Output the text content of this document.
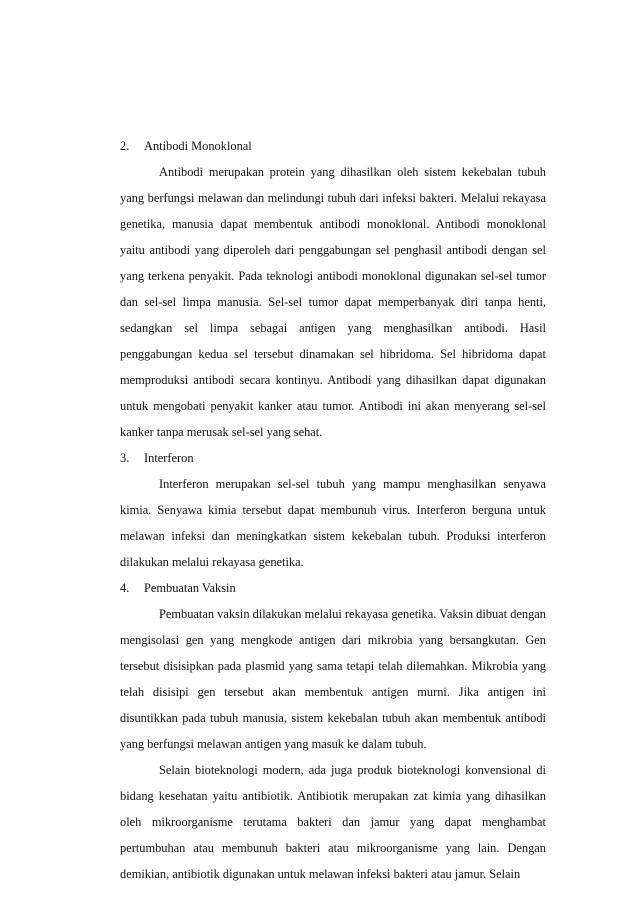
2. Antibodi Monoklonal

Antibodi merupakan protein yang dihasilkan oleh sistem kekebalan tubuh yang berfungsi melawan dan melindungi tubuh dari infeksi bakteri. Melalui rekayasa genetika, manusia dapat membentuk antibodi monoklonal. Antibodi monoklonal yaitu antibodi yang diperoleh dari penggabungan sel penghasil antibodi dengan sel yang terkena penyakit. Pada teknologi antibodi monoklonal digunakan sel-sel tumor dan sel-sel limpa manusia. Sel-sel tumor dapat memperbanyak diri tanpa henti, sedangkan sel limpa sebagai antigen yang menghasilkan antibodi. Hasil penggabungan kedua sel tersebut dinamakan sel hibridoma. Sel hibridoma dapat memproduksi antibodi secara kontinyu. Antibodi yang dihasilkan dapat digunakan untuk mengobati penyakit kanker atau tumor. Antibodi ini akan menyerang sel-sel kanker tanpa merusak sel-sel yang sehat.

3. Interferon

Interferon merupakan sel-sel tubuh yang mampu menghasilkan senyawa kimia. Senyawa kimia tersebut dapat membunuh virus. Interferon berguna untuk melawan infeksi dan meningkatkan sistem kekebalan tubuh. Produksi interferon dilakukan melalui rekayasa genetika.

4. Pembuatan Vaksin

Pembuatan vaksin dilakukan melalui rekayasa genetika. Vaksin dibuat dengan mengisolasi gen yang mengkode antigen dari mikrobia yang bersangkutan. Gen tersebut disisipkan pada plasmid yang sama tetapi telah dilemahkan. Mikrobia yang telah disisipi gen tersebut akan membentuk antigen murni. Jika antigen ini disuntikkan pada tubuh manusia, sistem kekebalan tubuh akan membentuk antibodi yang berfungsi melawan antigen yang masuk ke dalam tubuh.

Selain bioteknologi modern, ada juga produk bioteknologi konvensional di bidang kesehatan yaitu antibiotik. Antibiotik merupakan zat kimia yang dihasilkan oleh mikroorganisme terutama bakteri dan jamur yang dapat menghambat pertumbuhan atau membunuh bakteri atau mikroorganisme yang lain. Dengan demikian, antibiotik digunakan untuk melawan infeksi bakteri atau jamur. Selain
